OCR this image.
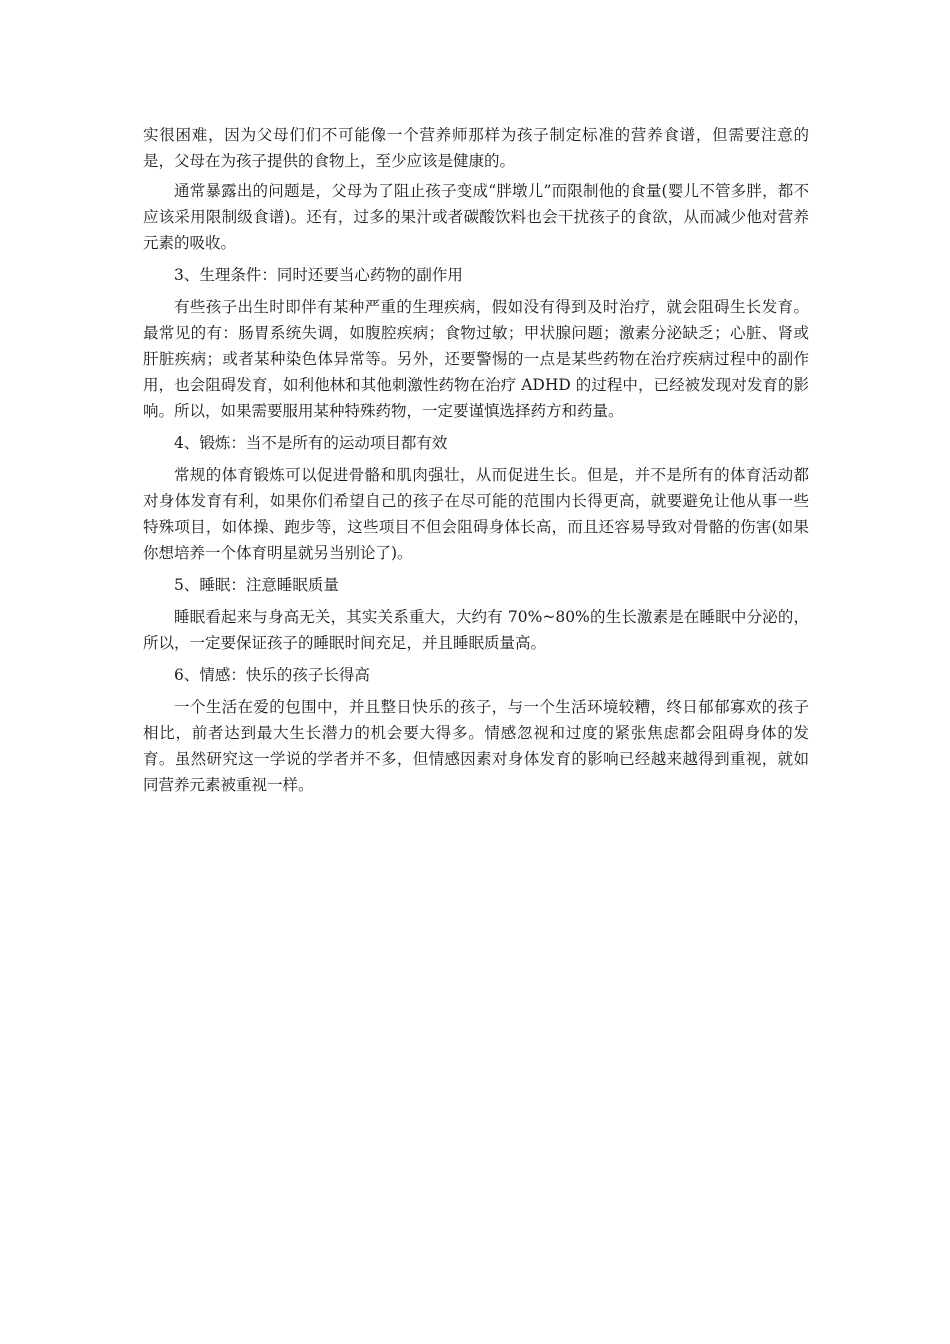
实很困难，因为父母们们不可能像一个营养师那样为孩子制定标准的营养食谱，但需要注意的是，父母在为孩子提供的食物上，至少应该是健康的。

通常暴露出的问题是，父母为了阻止孩子变成“胖墩儿”而限制他的食量(婴儿不管多胖，都不应该采用限制级食谱)。还有，过多的果汁或者碳酸饮料也会干扰孩子的食欲，从而减少他对营养元素的吸收。

3、生理条件：同时还要当心药物的副作用

有些孩子出生时即伴有某种严重的生理疾病，假如没有得到及时治疗，就会阻碍生长发育。最常见的有：肠胃系统失调，如腹腔疾病；食物过敏；甲状腺问题；激素分泌缺乏；心脏、肾或肝脏疾病；或者某种染色体异常等。另外，还要警惕的一点是某些药物在治疗疾病过程中的副作用，也会阻碍发育，如利他林和其他刺激性药物在治疗 ADHD 的过程中，已经被发现对发育的影响。所以，如果需要服用某种特殊药物，一定要谨慎选择药方和药量。

4、锻炼：当不是所有的运动项目都有效

常规的体育锻炼可以促进骨骼和肌肉强壮，从而促进生长。但是，并不是所有的体育活动都对身体发育有利，如果你们希望自己的孩子在尽可能的范围内长得更高，就要避免让他从事一些特殊项目，如体操、跑步等，这些项目不但会阻碍身体长高，而且还容易导致对骨骼的伤害(如果你想培养一个体育明星就另当别论了)。

5、睡眠：注意睡眠质量

睡眠看起来与身高无关，其实关系重大，大约有 70%~80%的生长激素是在睡眠中分泌的，所以，一定要保证孩子的睡眠时间充足，并且睡眠质量高。

6、情感：快乐的孩子长得高

一个生活在爱的包围中，并且整日快乐的孩子，与一个生活环境较糟，终日郁郁寡欢的孩子相比，前者达到最大生长潜力的机会要大得多。情感忽视和过度的紧张焦虑都会阻碍身体的发育。虽然研究这一学说的学者并不多，但情感因素对身体发育的影响已经越来越得到重视，就如同营养元素被重视一样。
